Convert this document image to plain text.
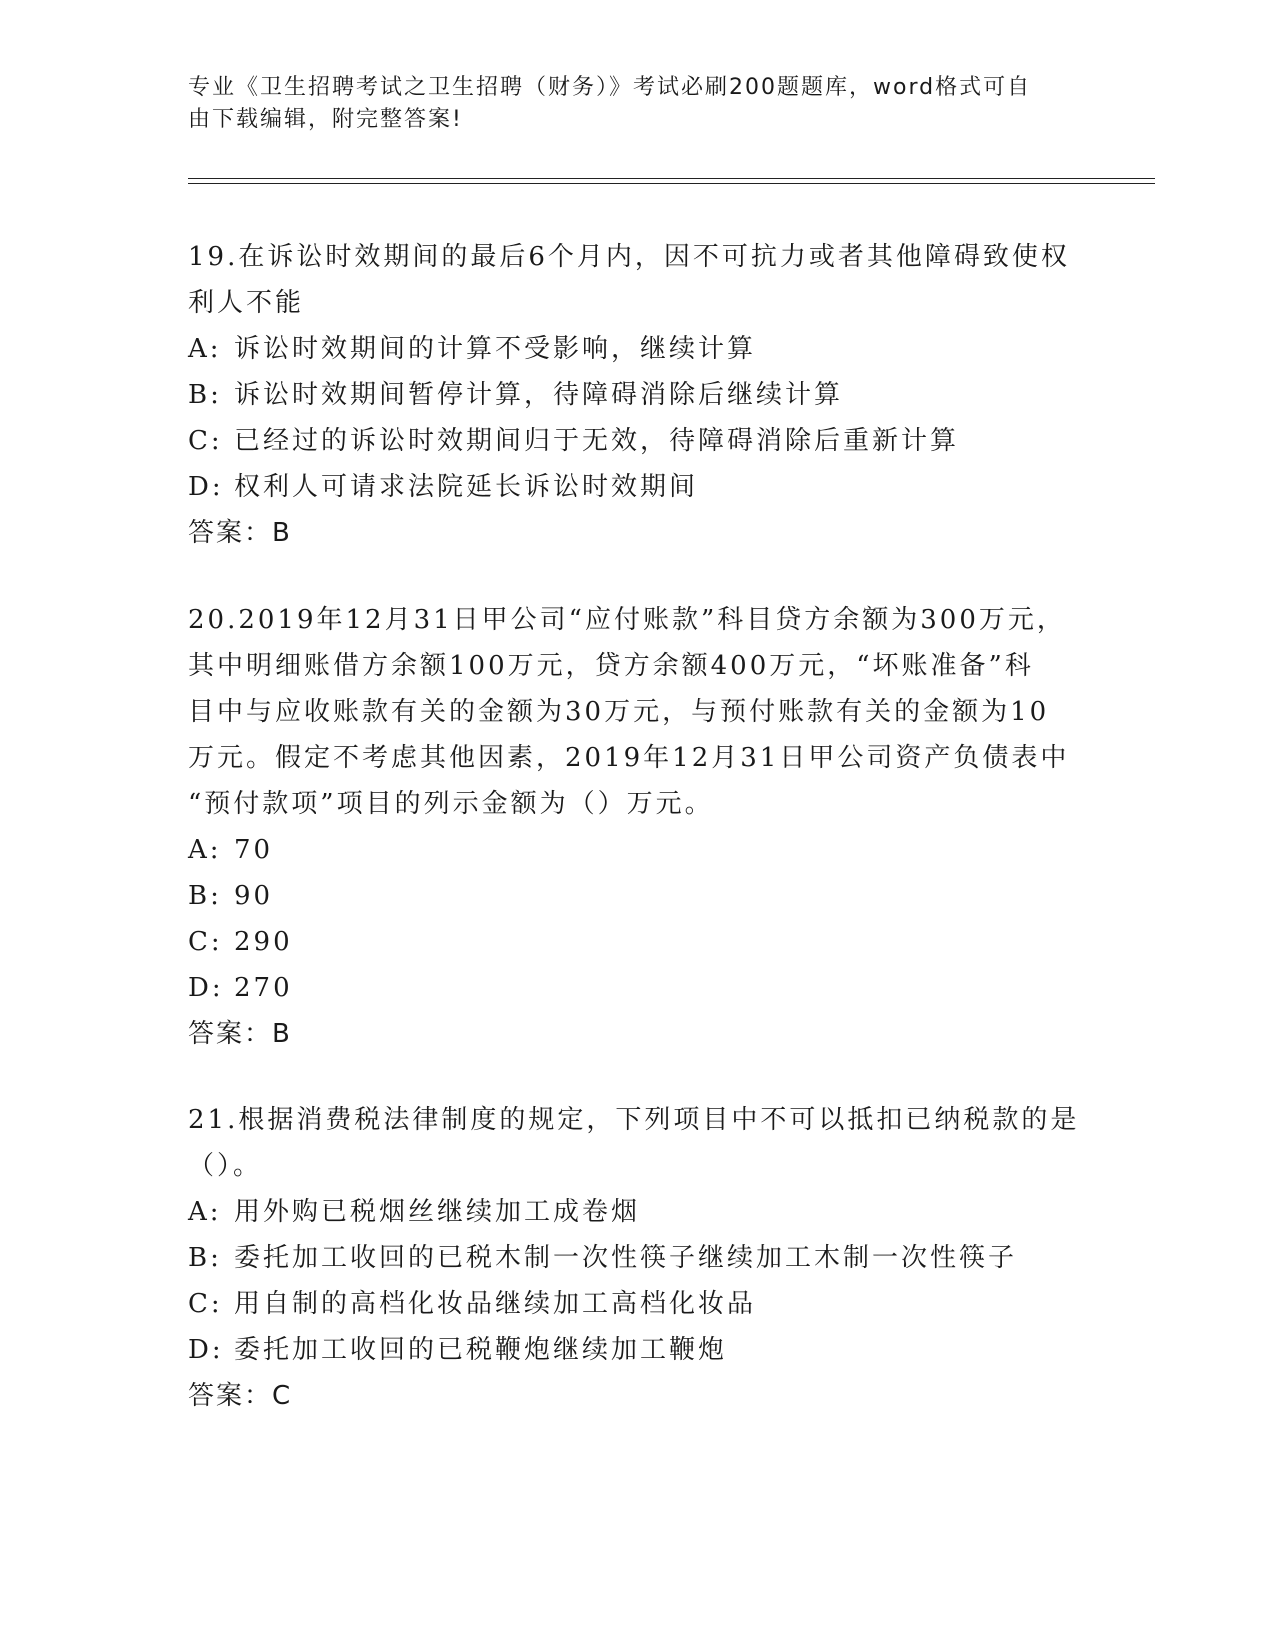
专业《卫生招聘考试之卫生招聘（财务）》考试必刷200题题库，word格式可自
由下载编辑，附完整答案!
19.在诉讼时效期间的最后6个月内，因不可抗力或者其他障碍致使权
利人不能
A: 诉讼时效期间的计算不受影响，继续计算
B: 诉讼时效期间暂停计算，待障碍消除后继续计算
C: 已经过的诉讼时效期间归于无效，待障碍消除后重新计算
D: 权利人可请求法院延长诉讼时效期间
答案：B
20.2019年12月31日甲公司“应付账款”科目贷方余额为300万元，
其中明细账借方余额100万元，贷方余额400万元，“坏账准备”科
目中与应收账款有关的金额为30万元，与预付账款有关的金额为10
万元。假定不考虑其他因素，2019年12月31日甲公司资产负债表中
“预付款项”项目的列示金额为（）万元。
A: 70
B: 90
C: 290
D: 270
答案：B
21.根据消费税法律制度的规定，下列项目中不可以抵扣已纳税款的是
（）。
A: 用外购已税烟丝继续加工成卷烟
B: 委托加工收回的已税木制一次性筷子继续加工木制一次性筷子
C: 用自制的高档化妆品继续加工高档化妆品
D: 委托加工收回的已税鞭炮继续加工鞭炮
答案：C
